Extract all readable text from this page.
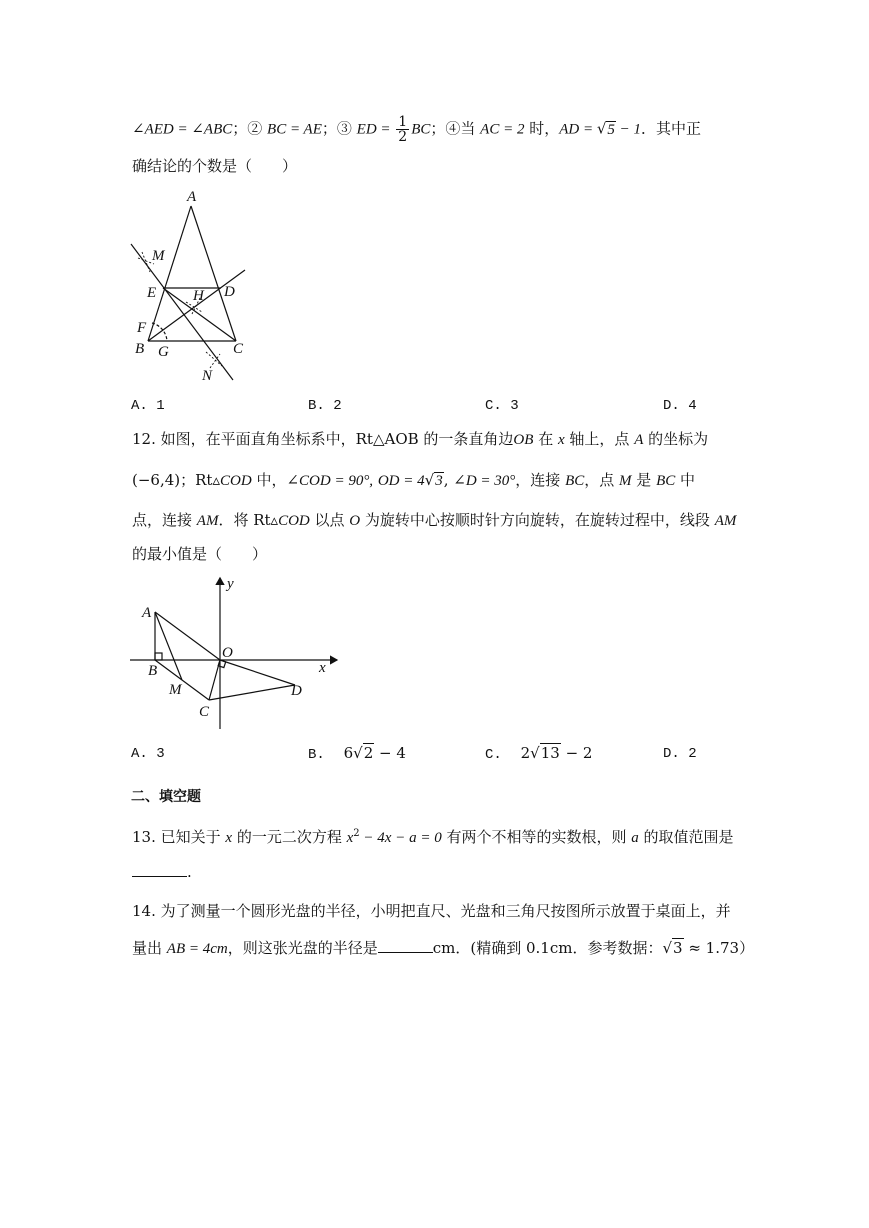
∠AED = ∠ABC；② BC = AE；③ ED = $\frac{1}{2}$ BC；④当 AC = 2 时，AD = √5 − 1．其中正
确结论的个数是（　　）
A
M
E H D
F
B G	C
N
A. 1	B. 2	C. 3	D. 4
12. 如图，在平面直角坐标系中，Rt△AOB 的一条直角边OB 在 x 轴上，点 A 的坐标为
(−6,4)；Rt▵COD 中，∠COD = 90°, OD = 4√3, ∠D = 30°，连接 BC，点 M 是 BC 中
点，连接 AM．将 Rt▵COD 以点 O 为旋转中心按顺时针方向旋转，在旋转过程中，线段 AM
的最小值是（　　）
y
A
O
x
B
M
C
D
A. 3	B. 6√2 − 4	C. 2√13 − 2	D. 2
二、填空题
13. 已知关于 x 的一元二次方程 $x^2 - 4x - a = 0$ 有两个不相等的实数根，则 a 的取值范围是
.
14. 为了测量一个圆形光盘的半径，小明把直尺、光盘和三角尺按图所示放置于桌面上，并
量出 AB = 4cm，则这张光盘的半径是	cm．(精确到 0.1cm．参考数据：√3 ≈ 1.73）
